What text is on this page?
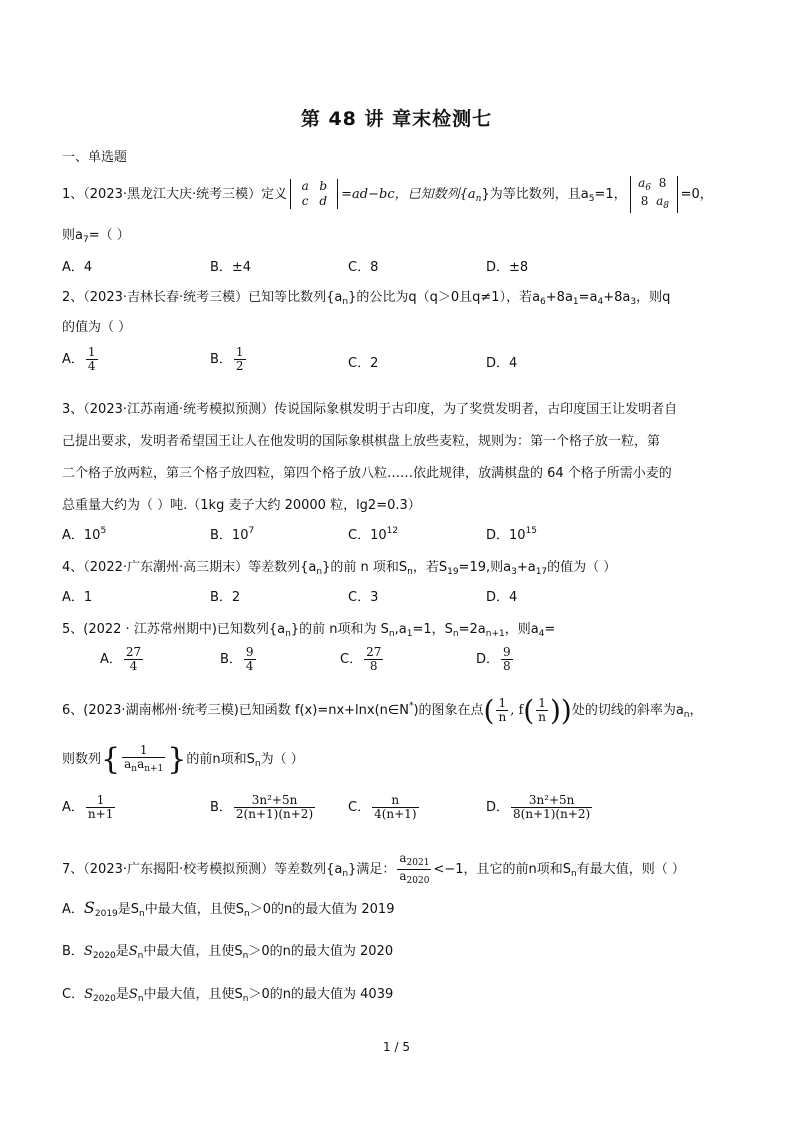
第 48 讲 章末检测七
一、单选题
1、（2023·黑龙江大庆·统考三模）定义
a b
c d	=ad−bc，已知数列$\{a_n\}$为等比数列，且$a_5=1$，
$a_6$ 8
8 $a_8$
=0，
则$a_7=$（ ）
A．4	B．±4	C．8	D．±8
2、（2023·吉林长春·统考三模）已知等比数列$\{a_n\}$的公比为q（q＞0且q≠1），若$a_6+8a_1=a_4+8a_3$，则q
的值为（ ）
A． $\frac{1}{4}$	B． $\frac{1}{2}$	C．2	D．4
3、（2023·江苏南通·统考模拟预测）传说国际象棋发明于古印度，为了奖赏发明者，古印度国王让发明者自
己提出要求，发明者希望国王让人在他发明的国际象棋棋盘上放些麦粒，规则为：第一个格子放一粒，第
二个格子放两粒，第三个格子放四粒，第四个格子放八粒……依此规律，放满棋盘的 64 个格子所需小麦的
总重量大约为（ ）吨.（1kg 麦子大约 20000 粒，lg2=0.3）
A．$10^5$	B．$10^7$	C．$10^{12}$	D．$10^{15}$
4、（2022·广东潮州·高三期末）等差数列$\{a_n\}$的前 n 项和$S_n$，若$S_{19}=19$,则$a_3+a_{17}$的值为（ ）
A．1	B．2	C．3	D．4
5、(2022 · 江苏常州期中)已知数列$\{a_n\}$的前 n项和为 $S_n,a_1=1$，$S_n=2a_{n+1}$，则$a_4=$
A． $\frac{27}{4}$	B． $\frac{9}{4}$	C． $\frac{27}{8}$	D． $\frac{9}{8}$
6、(2023·湖南郴州·统考三模)已知函数 f(x)=nx+lnx(n∈N*)的图象在点( $\frac{1}{n}$ , $f( \frac{1}{n}$ ))处的切线的斜率为$a_n$，
则数列{ $\frac{1}{a_na_{n+1}}$ }的前n项和$S_n$为（ ）
A． $\frac{1}{n+1}$	B． $\frac{\text{3n²+5n}}{2(n+1)(n+2)}$	C． $\frac{n}{4(n+1)}$	D． $\frac{\text{3n²+5n}}{8(n+1)(n+2)}$
7、（2023·广东揭阳·校考模拟预测）等差数列$\{a_n\}$满足： $\frac{a_{2021}}{a_{2020}} <-1$，且它的前n项和$S_n$有最大值，则（ ）
A．$S_{2019}$是$S_n$中最大值，且使$S_n>0$的n的最大值为 2019
B．$S_{2020}$是$S_n$中最大值，且使$S_n>0$的n的最大值为 2020
C．$S_{2020}$是$S_n$中最大值，且使$S_n>0$的n的最大值为 4039
1 / 5
